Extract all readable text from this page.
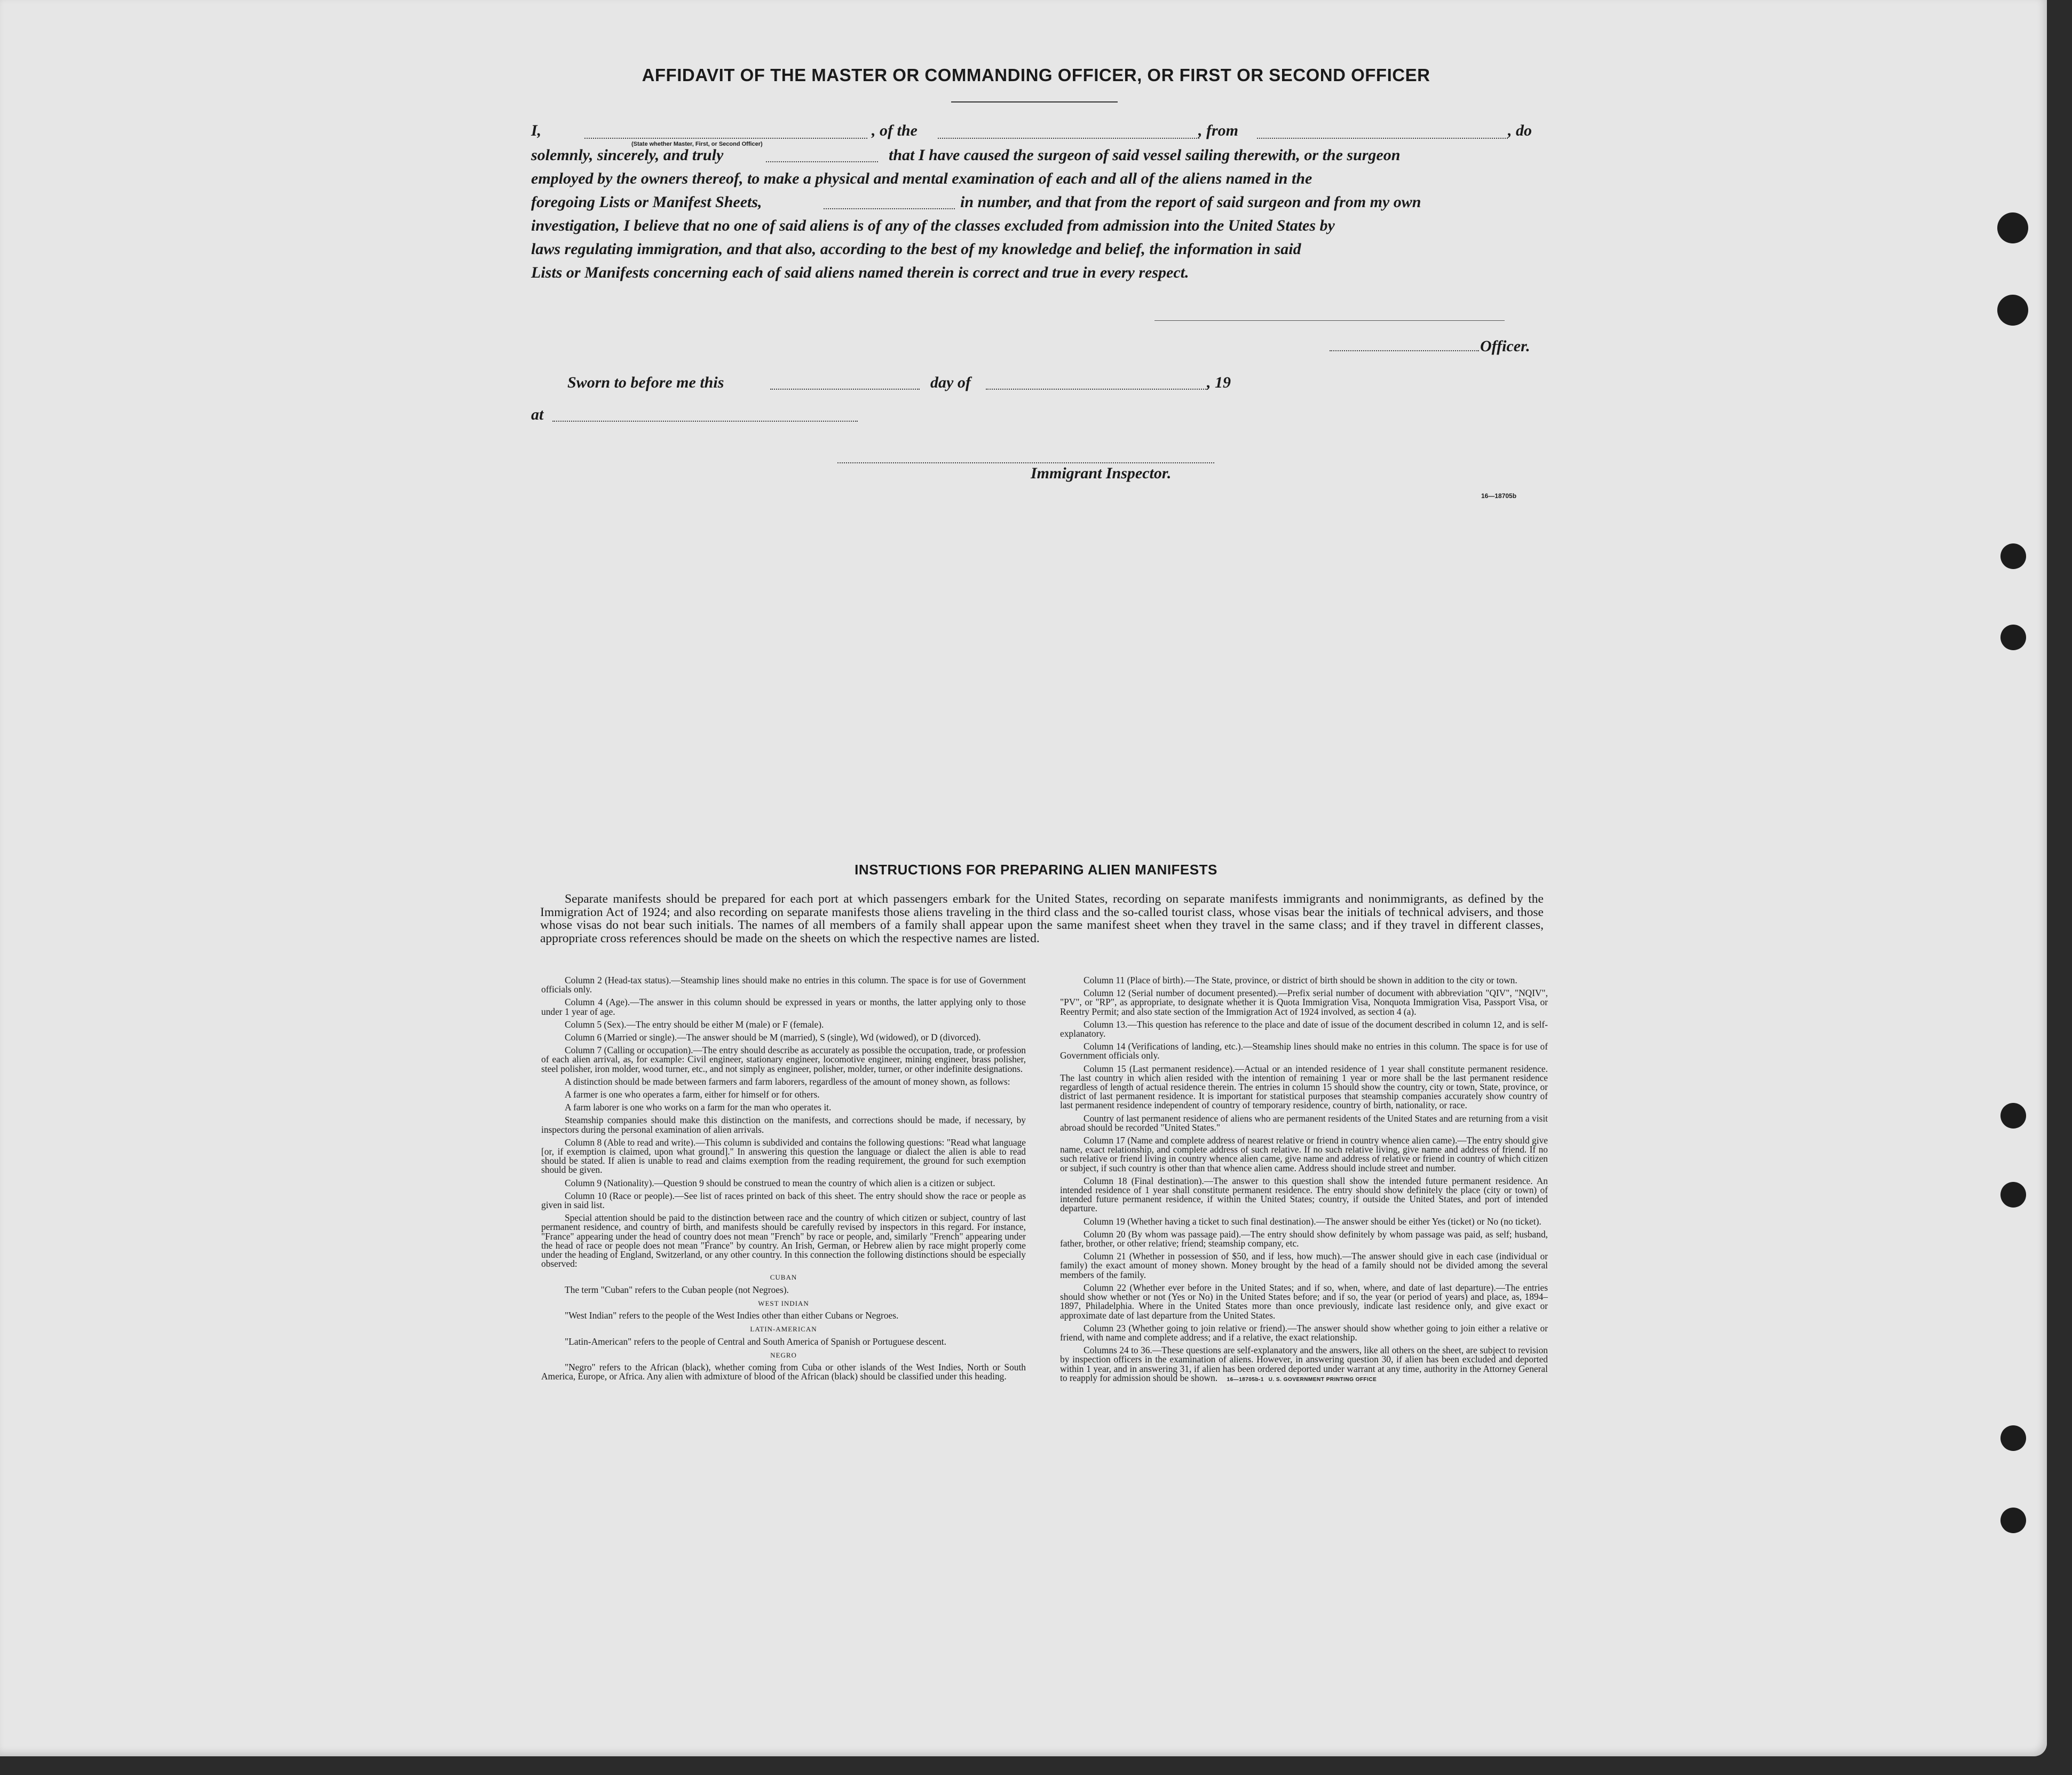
AFFIDAVIT OF THE MASTER OR COMMANDING OFFICER, OR FIRST OR SECOND OFFICER
I,
(State whether Master, First, or Second Officer)
, of the	, from	, do
solemnly, sincerely, and truly	that I have caused the surgeon of said vessel sailing therewith, or the surgeon
employed by the owners thereof, to make a physical and mental examination of each and all of the aliens named in the
foregoing Lists or Manifest Sheets,	in number, and that from the report of said surgeon and from my own
investigation, I believe that no one of said aliens is of any of the classes excluded from admission into the United States by
laws regulating immigration, and that also, according to the best of my knowledge and belief, the information in said
Lists or Manifests concerning each of said aliens named therein is correct and true in every respect.
Officer.
Sworn to before me this	day of	, 19
at
Immigrant Inspector.
16—18705b
INSTRUCTIONS FOR PREPARING ALIEN MANIFESTS

Separate manifests should be prepared for each port at which passengers embark for the United States, recording on separate manifests immigrants and nonimmigrants, as defined by the Immigration Act of 1924; and also recording on separate manifests those aliens traveling in the third class and the so-called tourist class, whose visas bear the initials of technical advisers, and those whose visas do not bear such initials. The names of all members of a family shall appear upon the same manifest sheet when they travel in the same class; and if they travel in different classes, appropriate cross references should be made on the sheets on which the respective names are listed.

Column 2 (Head-tax status).—Steamship lines should make no entries in this column. The space is for use of Government officials only.

Column 4 (Age).—The answer in this column should be expressed in years or months, the latter applying only to those under 1 year of age.

Column 5 (Sex).—The entry should be either M (male) or F (female).

Column 6 (Married or single).—The answer should be M (married), S (single), Wd (widowed), or D (divorced).

Column 7 (Calling or occupation).—The entry should describe as accurately as possible the occupation, trade, or profession of each alien arrival, as, for example: Civil engineer, stationary engineer, locomotive engineer, mining engineer, brass polisher, steel polisher, iron molder, wood turner, etc., and not simply as engineer, polisher, molder, turner, or other indefinite designations.

A distinction should be made between farmers and farm laborers, regardless of the amount of money shown, as follows:

A farmer is one who operates a farm, either for himself or for others.

A farm laborer is one who works on a farm for the man who operates it.

Steamship companies should make this distinction on the manifests, and corrections should be made, if necessary, by inspectors during the personal examination of alien arrivals.

Column 8 (Able to read and write).—This column is subdivided and contains the following questions: "Read what language [or, if exemption is claimed, upon what ground]." In answering this question the language or dialect the alien is able to read should be stated. If alien is unable to read and claims exemption from the reading requirement, the ground for such exemption should be given.

Column 9 (Nationality).—Question 9 should be construed to mean the country of which alien is a citizen or subject.

Column 10 (Race or people).—See list of races printed on back of this sheet. The entry should show the race or people as given in said list.

Special attention should be paid to the distinction between race and the country of which citizen or subject, country of last permanent residence, and country of birth, and manifests should be carefully revised by inspectors in this regard. For instance, "France" appearing under the head of country does not mean "French" by race or people, and, similarly "French" appearing under the head of race or people does not mean "France" by country. An Irish, German, or Hebrew alien by race might properly come under the heading of England, Switzerland, or any other country. In this connection the following distinctions should be especially observed:

CUBAN

The term "Cuban" refers to the Cuban people (not Negroes).

WEST INDIAN

"West Indian" refers to the people of the West Indies other than either Cubans or Negroes.

LATIN-AMERICAN

"Latin-American" refers to the people of Central and South America of Spanish or Portuguese descent.

NEGRO

"Negro" refers to the African (black), whether coming from Cuba or other islands of the West Indies, North or South America, Europe, or Africa. Any alien with admixture of blood of the African (black) should be classified under this heading.

Column 11 (Place of birth).—The State, province, or district of birth should be shown in addition to the city or town.

Column 12 (Serial number of document presented).—Prefix serial number of document with abbreviation "QIV", "NQIV", "PV", or "RP", as appropriate, to designate whether it is Quota Immigration Visa, Nonquota Immigration Visa, Passport Visa, or Reentry Permit; and also state section of the Immigration Act of 1924 involved, as section 4 (a).

Column 13.—This question has reference to the place and date of issue of the document described in column 12, and is self-explanatory.

Column 14 (Verifications of landing, etc.).—Steamship lines should make no entries in this column. The space is for use of Government officials only.

Column 15 (Last permanent residence).—Actual or an intended residence of 1 year shall constitute permanent residence. The last country in which alien resided with the intention of remaining 1 year or more shall be the last permanent residence regardless of length of actual residence therein. The entries in column 15 should show the country, city or town, State, province, or district of last permanent residence. It is important for statistical purposes that steamship companies accurately show country of last permanent residence independent of country of temporary residence, country of birth, nationality, or race.

Country of last permanent residence of aliens who are permanent residents of the United States and are returning from a visit abroad should be recorded "United States."

Column 17 (Name and complete address of nearest relative or friend in country whence alien came).—The entry should give name, exact relationship, and complete address of such relative. If no such relative living, give name and address of friend. If no such relative or friend living in country whence alien came, give name and address of relative or friend in country of which citizen or subject, if such country is other than that whence alien came. Address should include street and number.

Column 18 (Final destination).—The answer to this question shall show the intended future permanent residence. An intended residence of 1 year shall constitute permanent residence. The entry should show definitely the place (city or town) of intended future permanent residence, if within the United States; country, if outside the United States, and port of intended departure.

Column 19 (Whether having a ticket to such final destination).—The answer should be either Yes (ticket) or No (no ticket).

Column 20 (By whom was passage paid).—The entry should show definitely by whom passage was paid, as self; husband, father, brother, or other relative; friend; steamship company, etc.

Column 21 (Whether in possession of $50, and if less, how much).—The answer should give in each case (individual or family) the exact amount of money shown. Money brought by the head of a family should not be divided among the several members of the family.

Column 22 (Whether ever before in the United States; and if so, when, where, and date of last departure).—The entries should show whether or not (Yes or No) in the United States before; and if so, the year (or period of years) and place, as, 1894–1897, Philadelphia. Where in the United States more than once previously, indicate last residence only, and give exact or approximate date of last departure from the United States.

Column 23 (Whether going to join relative or friend).—The answer should show whether going to join either a relative or friend, with name and complete address; and if a relative, the exact relationship.

Columns 24 to 36.—These questions are self-explanatory and the answers, like all others on the sheet, are subject to revision by inspection officers in the examination of aliens. However, in answering question 30, if alien has been excluded and deported within 1 year, and in answering 31, if alien has been ordered deported under warrant at any time, authority in the Attorney General to reapply for admission should be shown. 16—18705b-1 U. S. GOVERNMENT PRINTING OFFICE
